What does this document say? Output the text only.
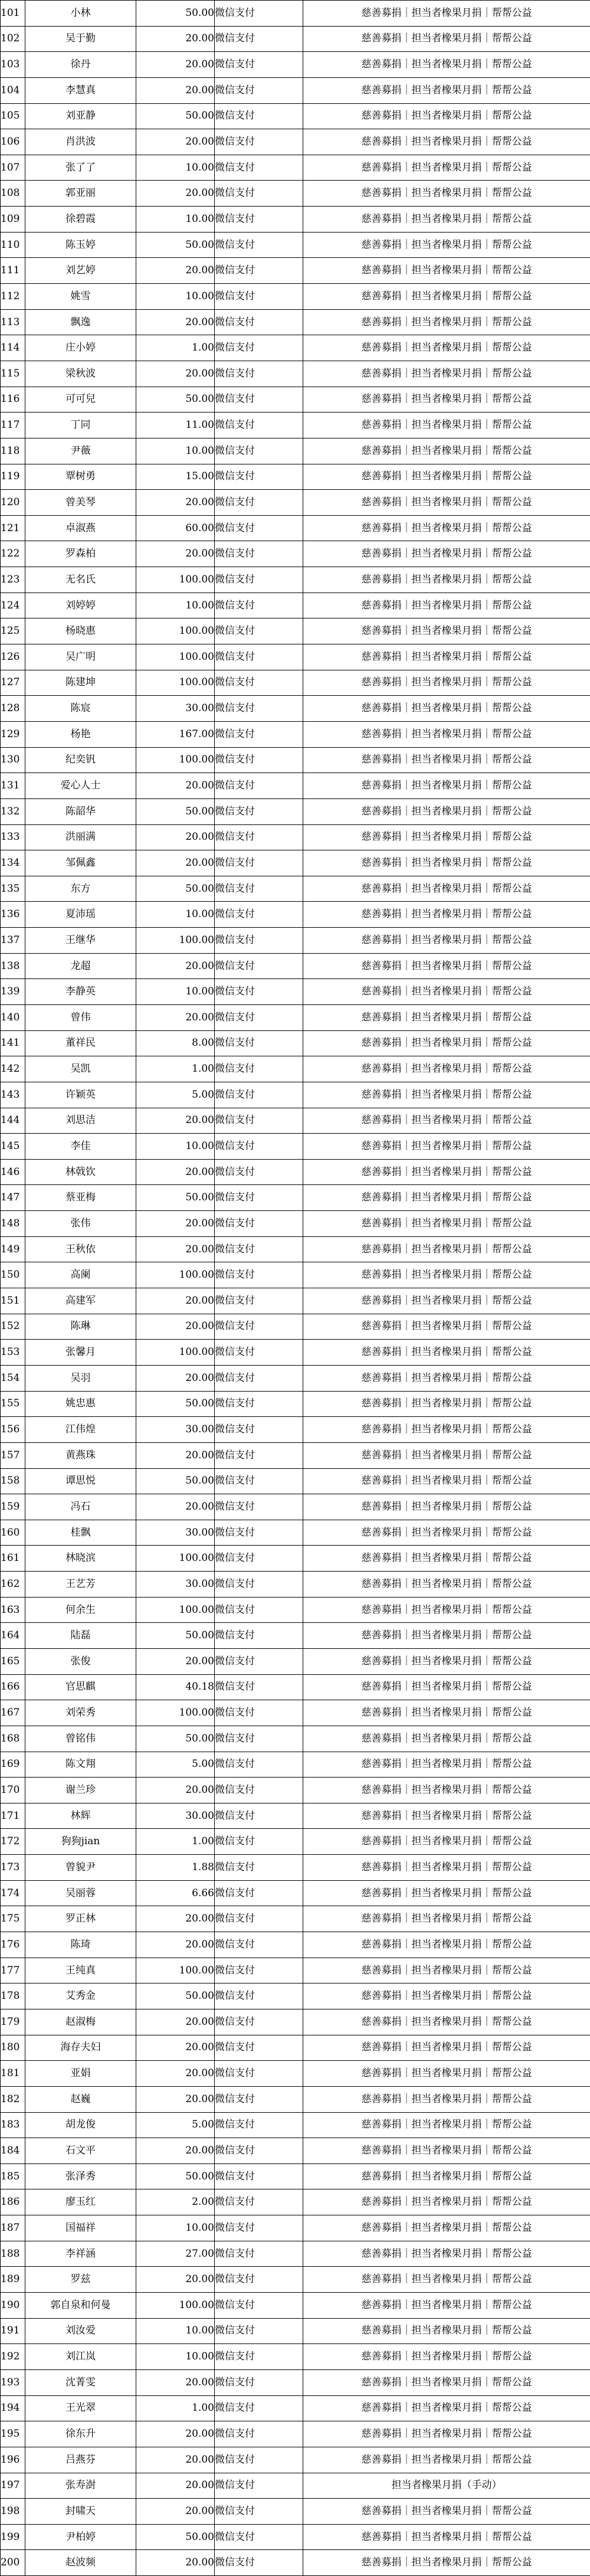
101	小林	50.00	微信支付	慈善募捐｜担当者橡果月捐｜帮帮公益
102	吴于勤	20.00	微信支付	慈善募捐｜担当者橡果月捐｜帮帮公益
103	徐丹	20.00	微信支付	慈善募捐｜担当者橡果月捐｜帮帮公益
104	李慧真	20.00	微信支付	慈善募捐｜担当者橡果月捐｜帮帮公益
105	刘亚静	50.00	微信支付	慈善募捐｜担当者橡果月捐｜帮帮公益
106	肖洪波	20.00	微信支付	慈善募捐｜担当者橡果月捐｜帮帮公益
107	张了了	10.00	微信支付	慈善募捐｜担当者橡果月捐｜帮帮公益
108	郭亚丽	20.00	微信支付	慈善募捐｜担当者橡果月捐｜帮帮公益
109	徐碧霞	10.00	微信支付	慈善募捐｜担当者橡果月捐｜帮帮公益
110	陈玉婷	50.00	微信支付	慈善募捐｜担当者橡果月捐｜帮帮公益
111	刘艺婷	20.00	微信支付	慈善募捐｜担当者橡果月捐｜帮帮公益
112	姚雪	10.00	微信支付	慈善募捐｜担当者橡果月捐｜帮帮公益
113	飘逸	20.00	微信支付	慈善募捐｜担当者橡果月捐｜帮帮公益
114	庄小婷	1.00	微信支付	慈善募捐｜担当者橡果月捐｜帮帮公益
115	梁秋波	20.00	微信支付	慈善募捐｜担当者橡果月捐｜帮帮公益
116	可可兒	50.00	微信支付	慈善募捐｜担当者橡果月捐｜帮帮公益
117	丁同	11.00	微信支付	慈善募捐｜担当者橡果月捐｜帮帮公益
118	尹薇	10.00	微信支付	慈善募捐｜担当者橡果月捐｜帮帮公益
119	覃树勇	15.00	微信支付	慈善募捐｜担当者橡果月捐｜帮帮公益
120	曾美琴	20.00	微信支付	慈善募捐｜担当者橡果月捐｜帮帮公益
121	卓淑燕	60.00	微信支付	慈善募捐｜担当者橡果月捐｜帮帮公益
122	罗森柏	20.00	微信支付	慈善募捐｜担当者橡果月捐｜帮帮公益
123	无名氏	100.00	微信支付	慈善募捐｜担当者橡果月捐｜帮帮公益
124	刘婷婷	10.00	微信支付	慈善募捐｜担当者橡果月捐｜帮帮公益
125	杨晓惠	100.00	微信支付	慈善募捐｜担当者橡果月捐｜帮帮公益
126	吴广明	100.00	微信支付	慈善募捐｜担当者橡果月捐｜帮帮公益
127	陈建坤	100.00	微信支付	慈善募捐｜担当者橡果月捐｜帮帮公益
128	陈宸	30.00	微信支付	慈善募捐｜担当者橡果月捐｜帮帮公益
129	杨艳	167.00	微信支付	慈善募捐｜担当者橡果月捐｜帮帮公益
130	纪奕钒	100.00	微信支付	慈善募捐｜担当者橡果月捐｜帮帮公益
131	爱心人士	20.00	微信支付	慈善募捐｜担当者橡果月捐｜帮帮公益
132	陈韶华	50.00	微信支付	慈善募捐｜担当者橡果月捐｜帮帮公益
133	洪丽满	20.00	微信支付	慈善募捐｜担当者橡果月捐｜帮帮公益
134	邹佩鑫	20.00	微信支付	慈善募捐｜担当者橡果月捐｜帮帮公益
135	东方	50.00	微信支付	慈善募捐｜担当者橡果月捐｜帮帮公益
136	夏沛瑶	10.00	微信支付	慈善募捐｜担当者橡果月捐｜帮帮公益
137	王继华	100.00	微信支付	慈善募捐｜担当者橡果月捐｜帮帮公益
138	龙超	20.00	微信支付	慈善募捐｜担当者橡果月捐｜帮帮公益
139	李静英	10.00	微信支付	慈善募捐｜担当者橡果月捐｜帮帮公益
140	曾伟	20.00	微信支付	慈善募捐｜担当者橡果月捐｜帮帮公益
141	董祥民	8.00	微信支付	慈善募捐｜担当者橡果月捐｜帮帮公益
142	吴凯	1.00	微信支付	慈善募捐｜担当者橡果月捐｜帮帮公益
143	许颖英	5.00	微信支付	慈善募捐｜担当者橡果月捐｜帮帮公益
144	刘思洁	20.00	微信支付	慈善募捐｜担当者橡果月捐｜帮帮公益
145	李佳	10.00	微信支付	慈善募捐｜担当者橡果月捐｜帮帮公益
146	林戟钦	20.00	微信支付	慈善募捐｜担当者橡果月捐｜帮帮公益
147	蔡亚梅	50.00	微信支付	慈善募捐｜担当者橡果月捐｜帮帮公益
148	张伟	20.00	微信支付	慈善募捐｜担当者橡果月捐｜帮帮公益
149	王秋依	20.00	微信支付	慈善募捐｜担当者橡果月捐｜帮帮公益
150	高阑	100.00	微信支付	慈善募捐｜担当者橡果月捐｜帮帮公益
151	高建军	20.00	微信支付	慈善募捐｜担当者橡果月捐｜帮帮公益
152	陈琳	20.00	微信支付	慈善募捐｜担当者橡果月捐｜帮帮公益
153	张馨月	100.00	微信支付	慈善募捐｜担当者橡果月捐｜帮帮公益
154	吴羽	20.00	微信支付	慈善募捐｜担当者橡果月捐｜帮帮公益
155	姚忠惠	50.00	微信支付	慈善募捐｜担当者橡果月捐｜帮帮公益
156	江伟煌	30.00	微信支付	慈善募捐｜担当者橡果月捐｜帮帮公益
157	黄燕珠	20.00	微信支付	慈善募捐｜担当者橡果月捐｜帮帮公益
158	谭思悦	50.00	微信支付	慈善募捐｜担当者橡果月捐｜帮帮公益
159	冯石	20.00	微信支付	慈善募捐｜担当者橡果月捐｜帮帮公益
160	桂飘	30.00	微信支付	慈善募捐｜担当者橡果月捐｜帮帮公益
161	林晓滨	100.00	微信支付	慈善募捐｜担当者橡果月捐｜帮帮公益
162	王艺芳	30.00	微信支付	慈善募捐｜担当者橡果月捐｜帮帮公益
163	何余生	100.00	微信支付	慈善募捐｜担当者橡果月捐｜帮帮公益
164	陆磊	50.00	微信支付	慈善募捐｜担当者橡果月捐｜帮帮公益
165	张俊	20.00	微信支付	慈善募捐｜担当者橡果月捐｜帮帮公益
166	官思麒	40.18	微信支付	慈善募捐｜担当者橡果月捐｜帮帮公益
167	刘荣秀	100.00	微信支付	慈善募捐｜担当者橡果月捐｜帮帮公益
168	曾铭伟	50.00	微信支付	慈善募捐｜担当者橡果月捐｜帮帮公益
169	陈文翔	5.00	微信支付	慈善募捐｜担当者橡果月捐｜帮帮公益
170	谢兰珍	20.00	微信支付	慈善募捐｜担当者橡果月捐｜帮帮公益
171	林辉	30.00	微信支付	慈善募捐｜担当者橡果月捐｜帮帮公益
172	狗狗jian	1.00	微信支付	慈善募捐｜担当者橡果月捐｜帮帮公益
173	曾貌尹	1.88	微信支付	慈善募捐｜担当者橡果月捐｜帮帮公益
174	吴丽蓉	6.66	微信支付	慈善募捐｜担当者橡果月捐｜帮帮公益
175	罗正林	20.00	微信支付	慈善募捐｜担当者橡果月捐｜帮帮公益
176	陈琦	20.00	微信支付	慈善募捐｜担当者橡果月捐｜帮帮公益
177	王纯真	100.00	微信支付	慈善募捐｜担当者橡果月捐｜帮帮公益
178	艾秀金	50.00	微信支付	慈善募捐｜担当者橡果月捐｜帮帮公益
179	赵淑梅	20.00	微信支付	慈善募捐｜担当者橡果月捐｜帮帮公益
180	海存夫妇	20.00	微信支付	慈善募捐｜担当者橡果月捐｜帮帮公益
181	亚娟	20.00	微信支付	慈善募捐｜担当者橡果月捐｜帮帮公益
182	赵巍	20.00	微信支付	慈善募捐｜担当者橡果月捐｜帮帮公益
183	胡龙俊	5.00	微信支付	慈善募捐｜担当者橡果月捐｜帮帮公益
184	石文平	20.00	微信支付	慈善募捐｜担当者橡果月捐｜帮帮公益
185	张泽秀	50.00	微信支付	慈善募捐｜担当者橡果月捐｜帮帮公益
186	廖玉红	2.00	微信支付	慈善募捐｜担当者橡果月捐｜帮帮公益
187	国福祥	10.00	微信支付	慈善募捐｜担当者橡果月捐｜帮帮公益
188	李祥涵	27.00	微信支付	慈善募捐｜担当者橡果月捐｜帮帮公益
189	罗兹	20.00	微信支付	慈善募捐｜担当者橡果月捐｜帮帮公益
190	郭自泉和何曼	100.00	微信支付	慈善募捐｜担当者橡果月捐｜帮帮公益
191	刘汝爱	10.00	微信支付	慈善募捐｜担当者橡果月捐｜帮帮公益
192	刘江岚	10.00	微信支付	慈善募捐｜担当者橡果月捐｜帮帮公益
193	沈菁雯	20.00	微信支付	慈善募捐｜担当者橡果月捐｜帮帮公益
194	王光翠	1.00	微信支付	慈善募捐｜担当者橡果月捐｜帮帮公益
195	徐东升	20.00	微信支付	慈善募捐｜担当者橡果月捐｜帮帮公益
196	吕燕芬	20.00	微信支付	慈善募捐｜担当者橡果月捐｜帮帮公益
197	张寿澍	20.00	微信支付	担当者橡果月捐（手动）
198	封啸天	20.00	微信支付	慈善募捐｜担当者橡果月捐｜帮帮公益
199	尹柏婷	50.00	微信支付	慈善募捐｜担当者橡果月捐｜帮帮公益
200	赵波频	20.00	微信支付	慈善募捐｜担当者橡果月捐｜帮帮公益
